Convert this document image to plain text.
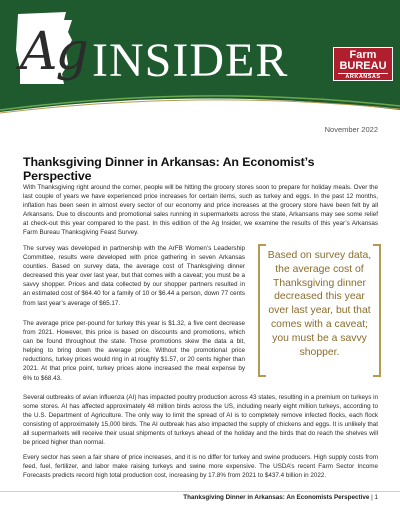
Ag INSIDER	Farm
BUREAU
ARKANSAS
November 2022
Thanksgiving Dinner in Arkansas: An Economist’s Perspective

With Thanksgiving right around the corner, people will be hitting the grocery stores soon to prepare for holiday meals. Over the last couple of years we have experienced price increases for certain items, such as turkey and eggs. In the past 12 months, inflation has been seen in almost every sector of our economy and price increases at the grocery store have been felt by all Arkansans. Due to discounts and promotional sales running in supermarkets across the state, Arkansans may see some relief at check-out this year compared to the past. In this edition of the Ag Insider, we examine the results of this year’s Arkansas Farm Bureau Thanksgiving Feast Survey.

The survey was developed in partnership with the ArFB Women’s Leadership Committee, results were developed with price gathering in seven Arkansas counties. Based on survey data, the average cost of Thanksgiving dinner decreased this year over last year, but that comes with a caveat; you must be a savvy shopper. Prices and data collected by our shopper partners resulted in an estimated cost of $64.40 for a family of 10 or $6.44 a person, down 77 cents from last year’s average of $65.17.

The average price per-pound for turkey this year is $1.32, a five cent decrease from 2021. However, this price is based on discounts and promotions, which can be found throughout the state. Those promotions skew the data a bit, helping to bring down the average price. Without the promotional price reductions, turkey prices would ring in at roughly $1.57, or 20 cents higher than 2021. At that price point, turkey prices alone increased the meal expense by 6% to $68.43.

Based on survey data, the average cost of Thanksgiving dinner decreased this year over last year, but that comes with a caveat; you must be a savvy shopper.

Several outbreaks of avian influenza (AI) has impacted poultry production across 43 states, resulting in a premium on turkeys in some stores. AI has affected approximately 48 million birds across the US, including nearly eight million turkeys, according to the U.S. Department of Agriculture. The only way to limit the spread of AI is to completely remove infected flocks, each flock consisting of approximately 15,000 birds. The AI outbreak has also impacted the supply of chickens and eggs. It is unlikely that all supermarkets will receive their usual shipments of turkeys ahead of the holiday and the birds that do reach the shelves will be priced higher than normal.

Every sector has seen a fair share of price increases, and it is no differ for turkey and swine producers. High supply costs from feed, fuel, fertilizer, and labor make raising turkeys and swine more expensive. The USDA’s recent Farm Sector Income Forecasts predicts record high total production cost, increasing by 17.8% from 2021 to $437.4 billion in 2022.

Thanksgiving Dinner in Arkansas: An Economists Perspective | 1
